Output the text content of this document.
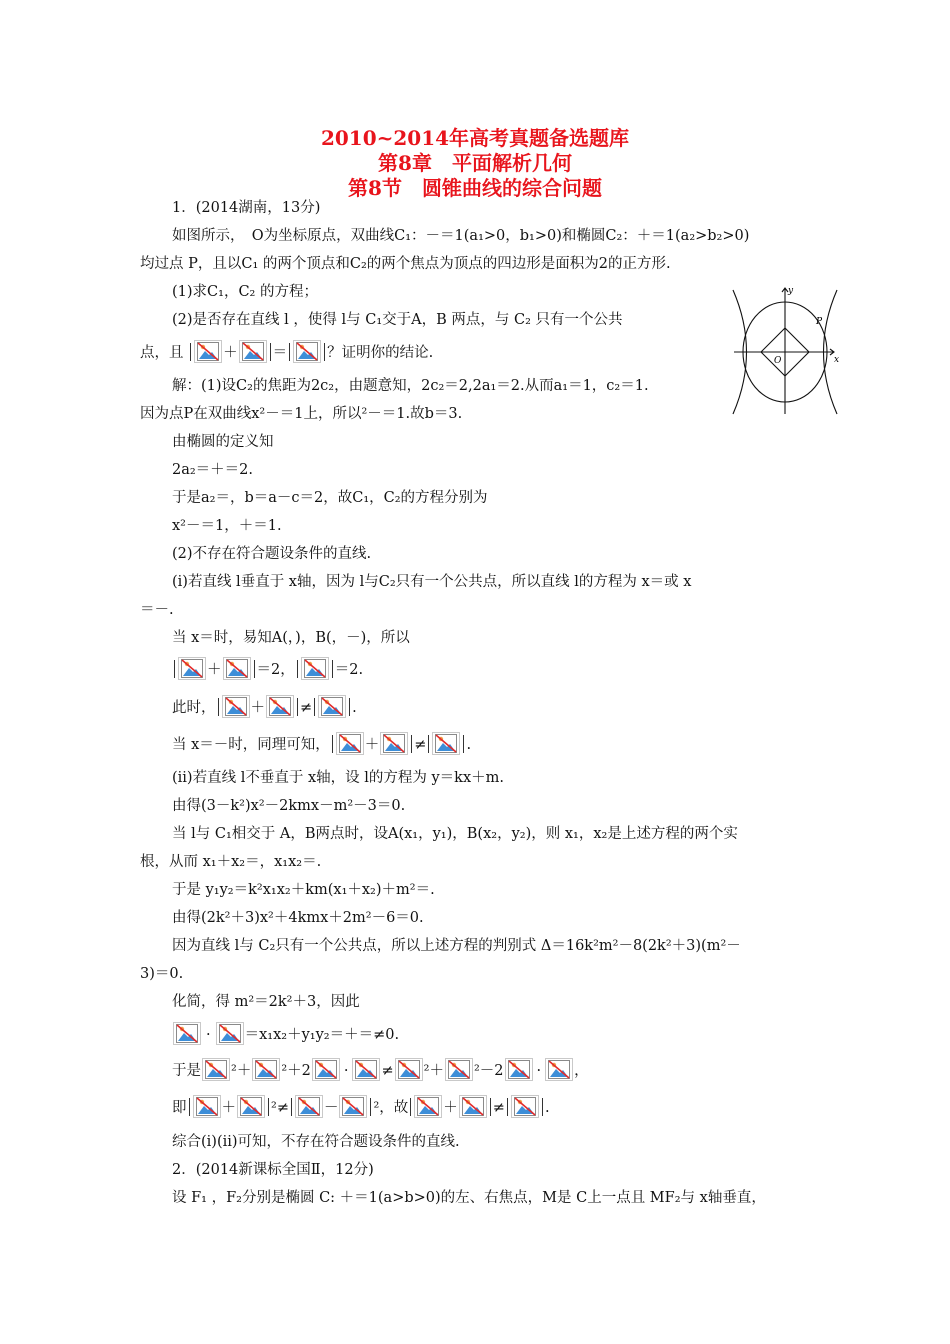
2010~2014年高考真题备选题库
第8章　平面解析几何
第8节　圆锥曲线的综合问题
y
x
O
P
1．(2014湖南，13分)
如图所示，　O为坐标原点，双曲线C₁：－＝1(a₁>0，b₁>0)和椭圆C₂：＋＝1(a₂>b₂>0)
均过点 P，且以C₁ 的两个顶点和C₂的两个焦点为顶点的四边形是面积为2的正方形.
(1)求C₁，C₂ 的方程；
(2)是否存在直线 l ，使得 l与 C₁交于A，B 两点，与 C₂ 只有一个公共
点，且
＋ ＝	？证明你的结论.
解：(1)设C₂的焦距为2c₂，由题意知，2c₂＝2,2a₁＝2.从而a₁＝1，c₂＝1.
因为点P在双曲线x²－＝1上，所以²－＝1.故b＝3.
由椭圆的定义知
2a₂＝＋＝2.
于是a₂＝，b＝a－c＝2，故C₁，C₂的方程分别为
x²－＝1，＋＝1.
(2)不存在符合题设条件的直线.
(ⅰ)若直线 l垂直于 x轴，因为 l与C₂只有一个公共点，所以直线 l的方程为 x＝或 x
＝－.
当 x＝时，易知A(，)，B(，－)，所以
＋ ＝2，	＝2.
此时， ＋ ≠	.
当 x＝－时，同理可知， ＋ ≠	.
(ⅱ)若直线 l不垂直于 x轴，设 l的方程为 y＝kx＋m.
由得(3－k²)x²－2kmx－m²－3＝0.
当 l与 C₁相交于 A，B两点时，设A(x₁，y₁)，B(x₂，y₂)，则 x₁，x₂是上述方程的两个实
根，从而 x₁＋x₂＝，x₁x₂＝.
于是 y₁y₂＝k²x₁x₂＋km(x₁＋x₂)＋m²＝.
由得(2k²＋3)x²＋4kmx＋2m²－6＝0.
因为直线 l与 C₂只有一个公共点，所以上述方程的判别式 Δ＝16k²m²－8(2k²＋3)(m²－
3)＝0.
化简，得 m²＝2k²＋3，因此
· ＝x₁x₂＋y₁y₂＝＋＝≠0.
于是 ²＋ ²＋2 · ≠ ²＋ ²－2 · ，
即 ＋ ²≠ － ²，故 ＋ ≠	.
综合(ⅰ)(ⅱ)可知，不存在符合题设条件的直线.
2．(2014新课标全国Ⅱ，12分)
设 F₁ ，F₂分别是椭圆 C: ＋＝1(a>b>0)的左、右焦点，M是 C上一点且 MF₂与 x轴垂直，
